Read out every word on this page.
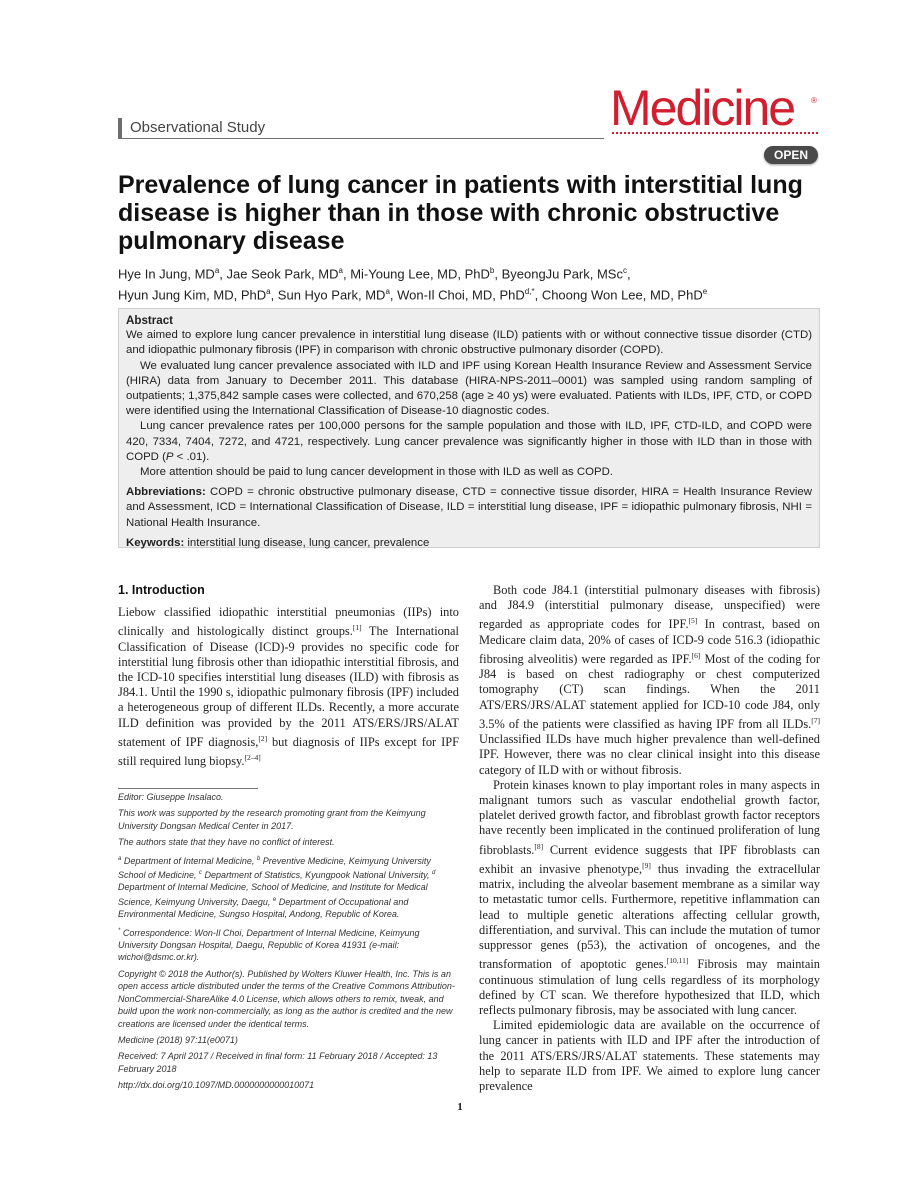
Observational Study	Medicine ®
OPEN
Prevalence of lung cancer in patients with interstitial lung disease is higher than in those with chronic obstructive pulmonary disease
Hye In Jung, $MD^a$, Jae Seok Park, $MD^a$, Mi-Young Lee, MD, PhD$^b$, ByeongJu Park, MSc$^c$,
Hyun Jung Kim, MD, PhD$^a$, Sun Hyo Park, $MD^a$, Won-Il Choi, MD, PhD$^{d,*}$, Choong Won Lee, MD, PhD$^e$

Abstract

We aimed to explore lung cancer prevalence in interstitial lung disease (ILD) patients with or without connective tissue disorder (CTD) and idiopathic pulmonary fibrosis (IPF) in comparison with chronic obstructive pulmonary disorder (COPD).

We evaluated lung cancer prevalence associated with ILD and IPF using Korean Health Insurance Review and Assessment Service (HIRA) data from January to December 2011. This database (HIRA-NPS-2011–0001) was sampled using random sampling of outpatients; 1,375,842 sample cases were collected, and 670,258 (age ≥ 40 ys) were evaluated. Patients with ILDs, IPF, CTD, or COPD were identified using the International Classification of Disease-10 diagnostic codes.

Lung cancer prevalence rates per 100,000 persons for the sample population and those with ILD, IPF, CTD-ILD, and COPD were 420, 7334, 7404, 7272, and 4721, respectively. Lung cancer prevalence was significantly higher in those with ILD than in those with COPD (P < .01).

More attention should be paid to lung cancer development in those with ILD as well as COPD.

Abbreviations: COPD = chronic obstructive pulmonary disease, CTD = connective tissue disorder, HIRA = Health Insurance Review and Assessment, ICD = International Classification of Disease, ILD = interstitial lung disease, IPF = idiopathic pulmonary fibrosis, NHI = National Health Insurance.

Keywords: interstitial lung disease, lung cancer, prevalence

1. Introduction

Liebow classified idiopathic interstitial pneumonias (IIPs) into clinically and histologically distinct groups.[1] The International Classification of Disease (ICD)-9 provides no specific code for interstitial lung fibrosis other than idiopathic interstitial fibrosis, and the ICD-10 specifies interstitial lung diseases (ILD) with fibrosis as J84.1. Until the 1990 s, idiopathic pulmonary fibrosis (IPF) included a heterogeneous group of different ILDs. Recently, a more accurate ILD definition was provided by the 2011 ATS/ERS/JRS/ALAT statement of IPF diagnosis,[2] but diagnosis of IIPs except for IPF still required lung biopsy.[2–4]

Editor: Giuseppe Insalaco.

This work was supported by the research promoting grant from the Keimyung University Dongsan Medical Center in 2017.

The authors state that they have no conflict of interest.

$^a$ Department of Internal Medicine, $^b$ Preventive Medicine, Keimyung University School of Medicine, $^c$ Department of Statistics, Kyungpook National University, $^d$ Department of Internal Medicine, School of Medicine, and Institute for Medical Science, Keimyung University, Daegu, $^e$ Department of Occupational and Environmental Medicine, Sungso Hospital, Andong, Republic of Korea.

* Correspondence: Won-Il Choi, Department of Internal Medicine, Keimyung University Dongsan Hospital, Daegu, Republic of Korea 41931 (e-mail: wichoi@dsmc.or.kr).

Copyright © 2018 the Author(s). Published by Wolters Kluwer Health, Inc. This is an open access article distributed under the terms of the Creative Commons Attribution-NonCommercial-ShareAlike 4.0 License, which allows others to remix, tweak, and build upon the work non-commercially, as long as the author is credited and the new creations are licensed under the identical terms.

Medicine (2018) 97:11(e0071)

Received: 7 April 2017 / Received in final form: 11 February 2018 / Accepted: 13 February 2018

http://dx.doi.org/10.1097/MD.0000000000010071

Both code J84.1 (interstitial pulmonary diseases with fibrosis) and J84.9 (interstitial pulmonary disease, unspecified) were regarded as appropriate codes for IPF.[5] In contrast, based on Medicare claim data, 20% of cases of ICD-9 code 516.3 (idiopathic fibrosing alveolitis) were regarded as IPF.[6] Most of the coding for J84 is based on chest radiography or chest computerized tomography (CT) scan findings. When the 2011 ATS/ERS/JRS/ALAT statement applied for ICD-10 code J84, only 3.5% of the patients were classified as having IPF from all ILDs.[7] Unclassified ILDs have much higher prevalence than well-defined IPF. However, there was no clear clinical insight into this disease category of ILD with or without fibrosis.

Protein kinases known to play important roles in many aspects in malignant tumors such as vascular endothelial growth factor, platelet derived growth factor, and fibroblast growth factor receptors have recently been implicated in the continued proliferation of lung fibroblasts.[8] Current evidence suggests that IPF fibroblasts can exhibit an invasive phenotype,[9] thus invading the extracellular matrix, including the alveolar basement membrane as a similar way to metastatic tumor cells. Furthermore, repetitive inflammation can lead to multiple genetic alterations affecting cellular growth, differentiation, and survival. This can include the mutation of tumor suppressor genes (p53), the activation of oncogenes, and the transformation of apoptotic genes.[10,11] Fibrosis may maintain continuous stimulation of lung cells regardless of its morphology defined by CT scan. We therefore hypothesized that ILD, which reflects pulmonary fibrosis, may be associated with lung cancer.

Limited epidemiologic data are available on the occurrence of lung cancer in patients with ILD and IPF after the introduction of the 2011 ATS/ERS/JRS/ALAT statements. These statements may help to separate ILD from IPF. We aimed to explore lung cancer prevalence

1
